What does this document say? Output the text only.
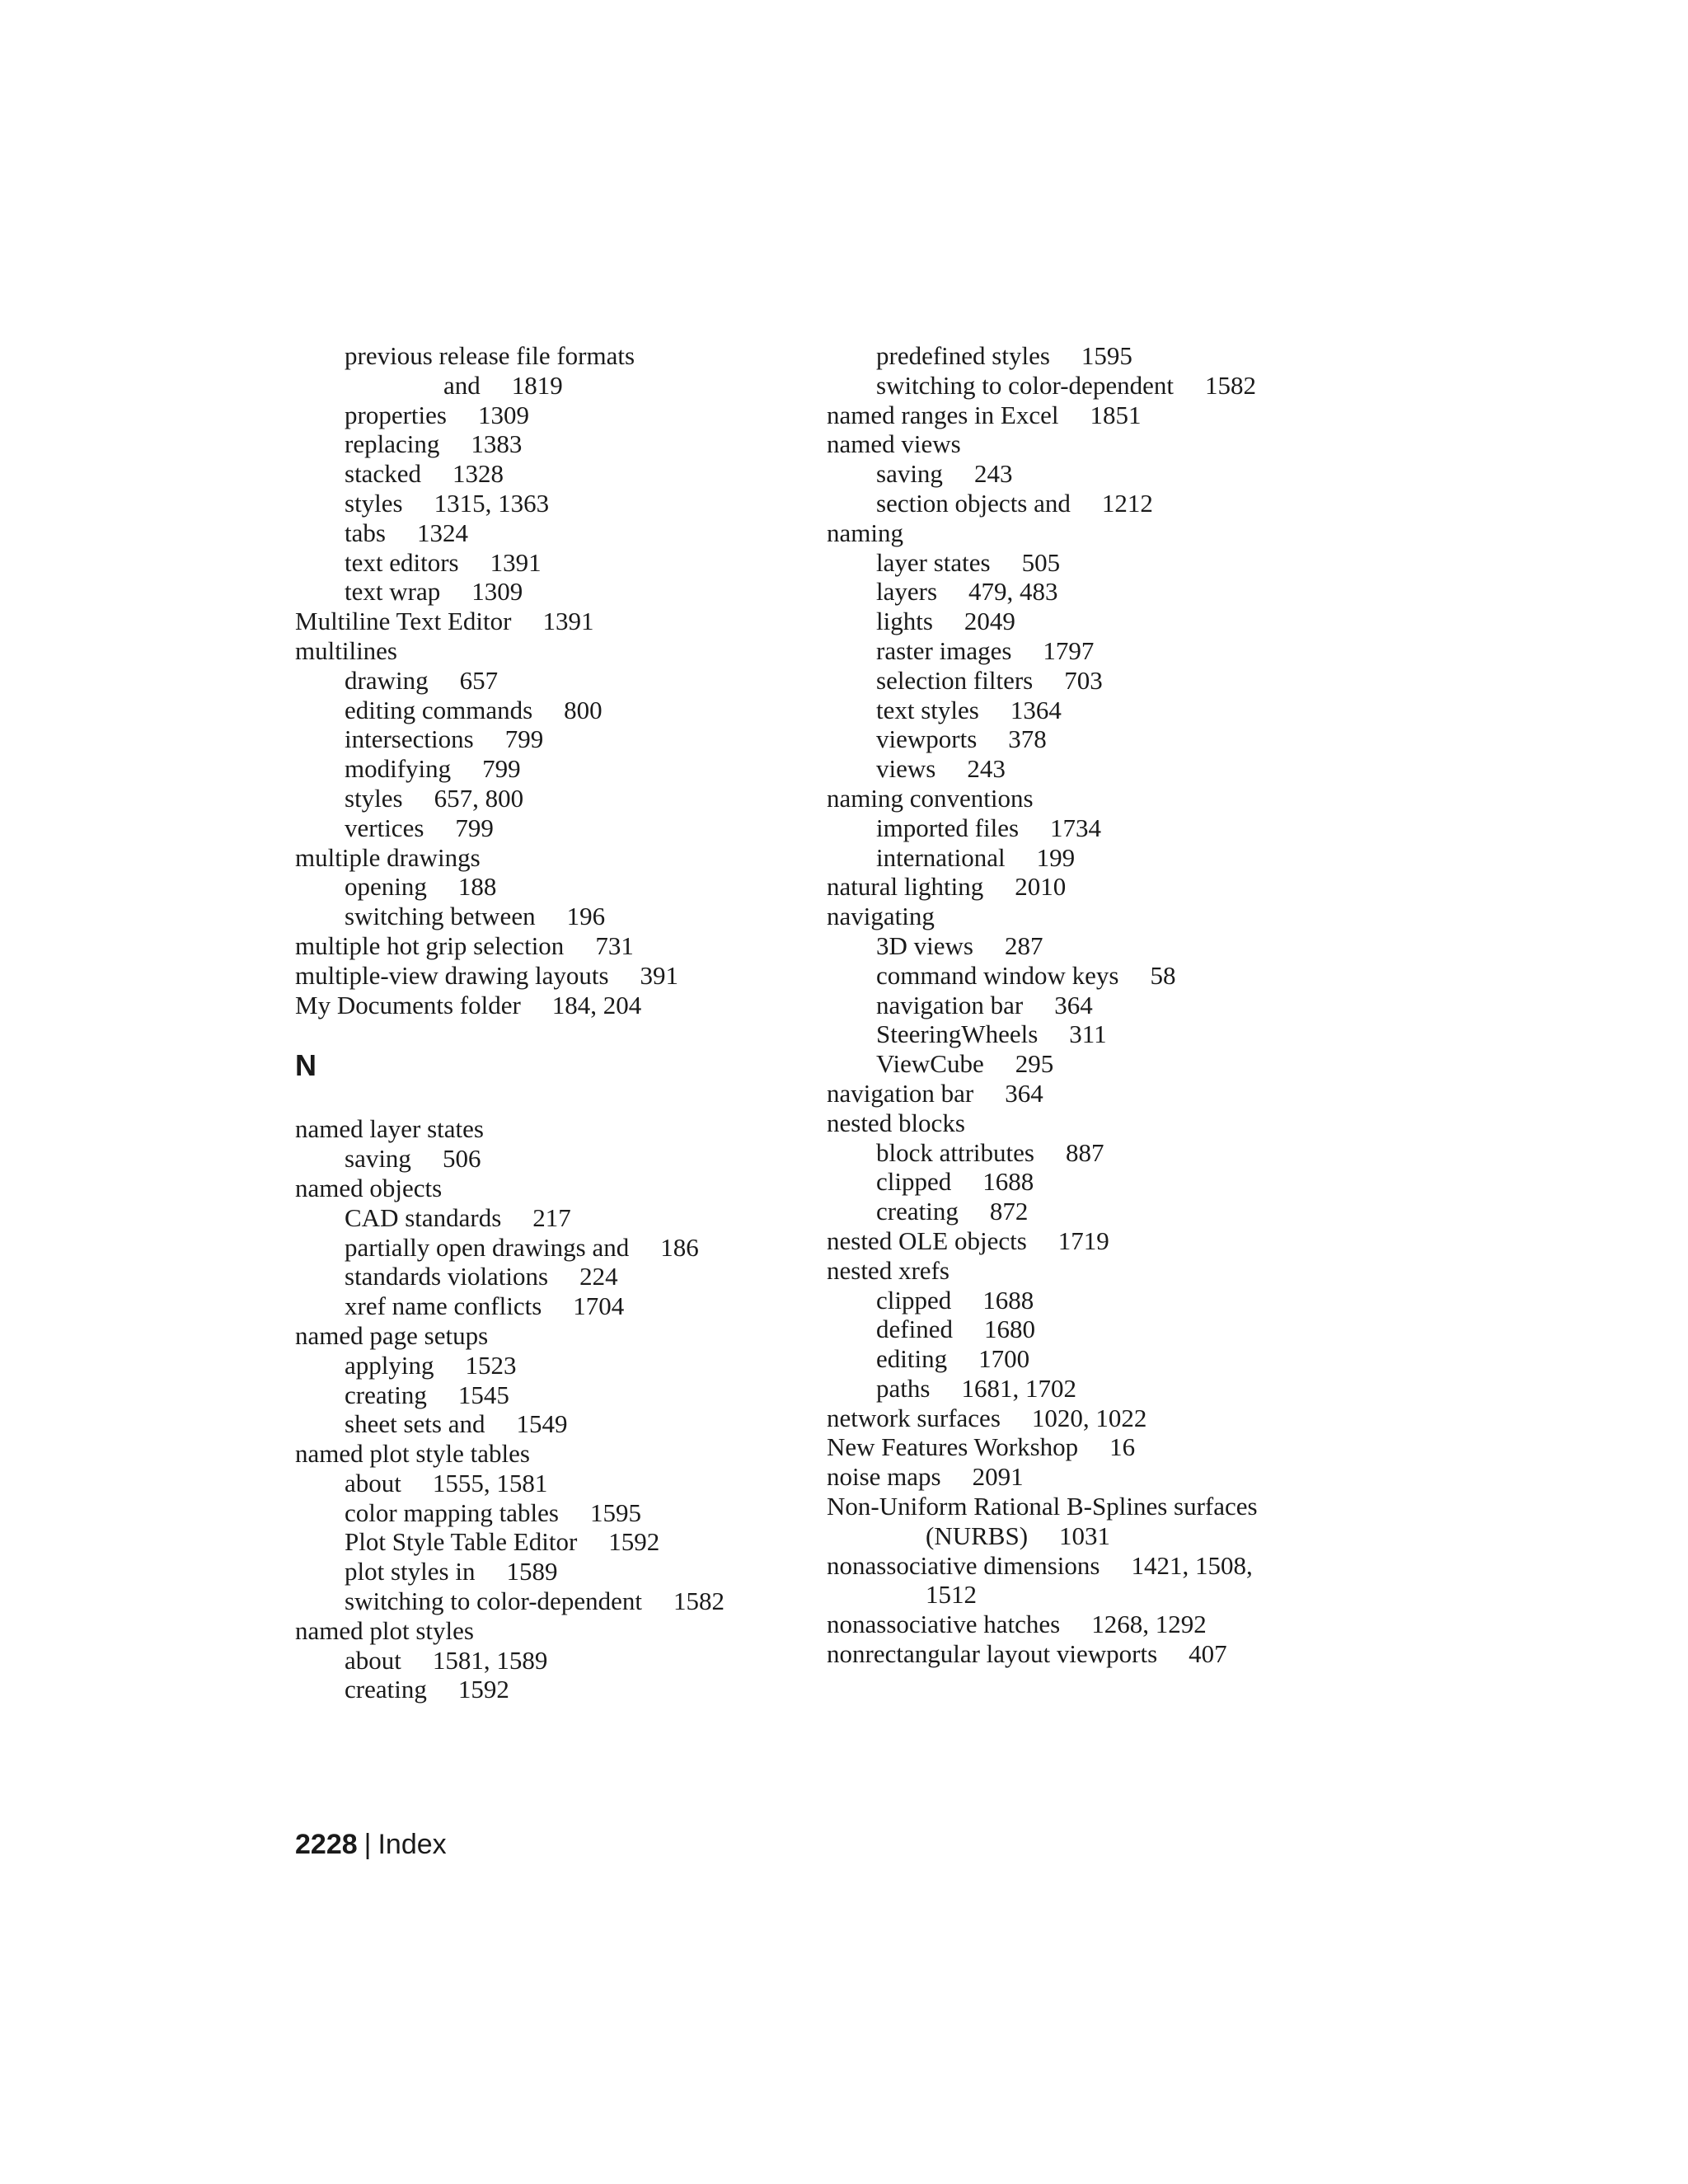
previous release file formats
and 1819
properties 1309
replacing 1383
stacked 1328
styles 1315, 1363
tabs 1324
text editors 1391
text wrap 1309
Multiline Text Editor 1391
multilines
drawing 657
editing commands 800
intersections 799
modifying 799
styles 657, 800
vertices 799
multiple drawings
opening 188
switching between 196
multiple hot grip selection 731
multiple-view drawing layouts 391
My Documents folder 184, 204
N
named layer states
saving 506
named objects
CAD standards 217
partially open drawings and 186
standards violations 224
xref name conflicts 1704
named page setups
applying 1523
creating 1545
sheet sets and 1549
named plot style tables
about 1555, 1581
color mapping tables 1595
Plot Style Table Editor 1592
plot styles in 1589
switching to color-dependent 1582
named plot styles
about 1581, 1589
creating 1592
predefined styles 1595
switching to color-dependent 1582
named ranges in Excel 1851
named views
saving 243
section objects and 1212
naming
layer states 505
layers 479, 483
lights 2049
raster images 1797
selection filters 703
text styles 1364
viewports 378
views 243
naming conventions
imported files 1734
international 199
natural lighting 2010
navigating
3D views 287
command window keys 58
navigation bar 364
SteeringWheels 311
ViewCube 295
navigation bar 364
nested blocks
block attributes 887
clipped 1688
creating 872
nested OLE objects 1719
nested xrefs
clipped 1688
defined 1680
editing 1700
paths 1681, 1702
network surfaces 1020, 1022
New Features Workshop 16
noise maps 2091
Non-Uniform Rational B-Splines surfaces
(NURBS) 1031
nonassociative dimensions 1421, 1508,
1512
nonassociative hatches 1268, 1292
nonrectangular layout viewports 407
2228 | Index
